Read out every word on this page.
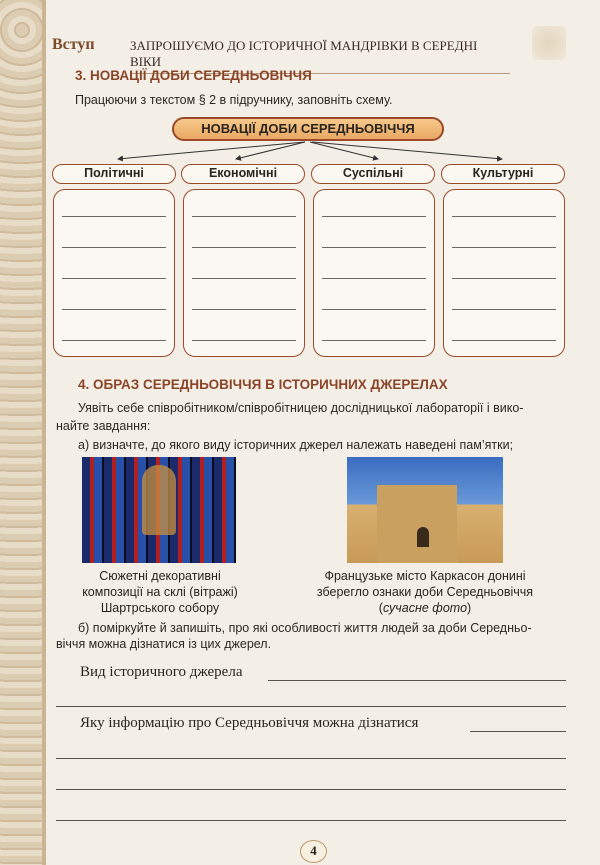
Вступ	ЗАПРОШУЄМО ДО ІСТОРИЧНОЇ МАНДРІВКИ В СЕРЕДНІ ВІКИ
3. НОВАЦІЇ ДОБИ СЕРЕДНЬОВІЧЧЯ
Працюючи з текстом § 2 в підручнику, заповніть схему.
НОВАЦІЇ ДОБИ СЕРЕДНЬОВІЧЧЯ
Політичні	Економічні	Суспільні	Культурні
4. ОБРАЗ СЕРЕДНЬОВІЧЧЯ В ІСТОРИЧНИХ ДЖЕРЕЛАХ
Уявіть себе співробітником/співробітницею дослідницької лабораторії і вико-
найте завдання:
а) визначте, до якого виду історичних джерел належать наведені пам’ятки;
Сюжетні декоративні
композиції на склі (вітражі)
Шартрського собору
Французьке місто Каркасон донині
збереглo ознаки доби Середньовіччя
(сучасне фото)
б) поміркуйте й запишіть, про які особливості життя людей за доби Середньо-
віччя можна дізнатися із цих джерел.
Вид історичного джерела
Яку інформацію про Середньовіччя можна дізнатися
4
